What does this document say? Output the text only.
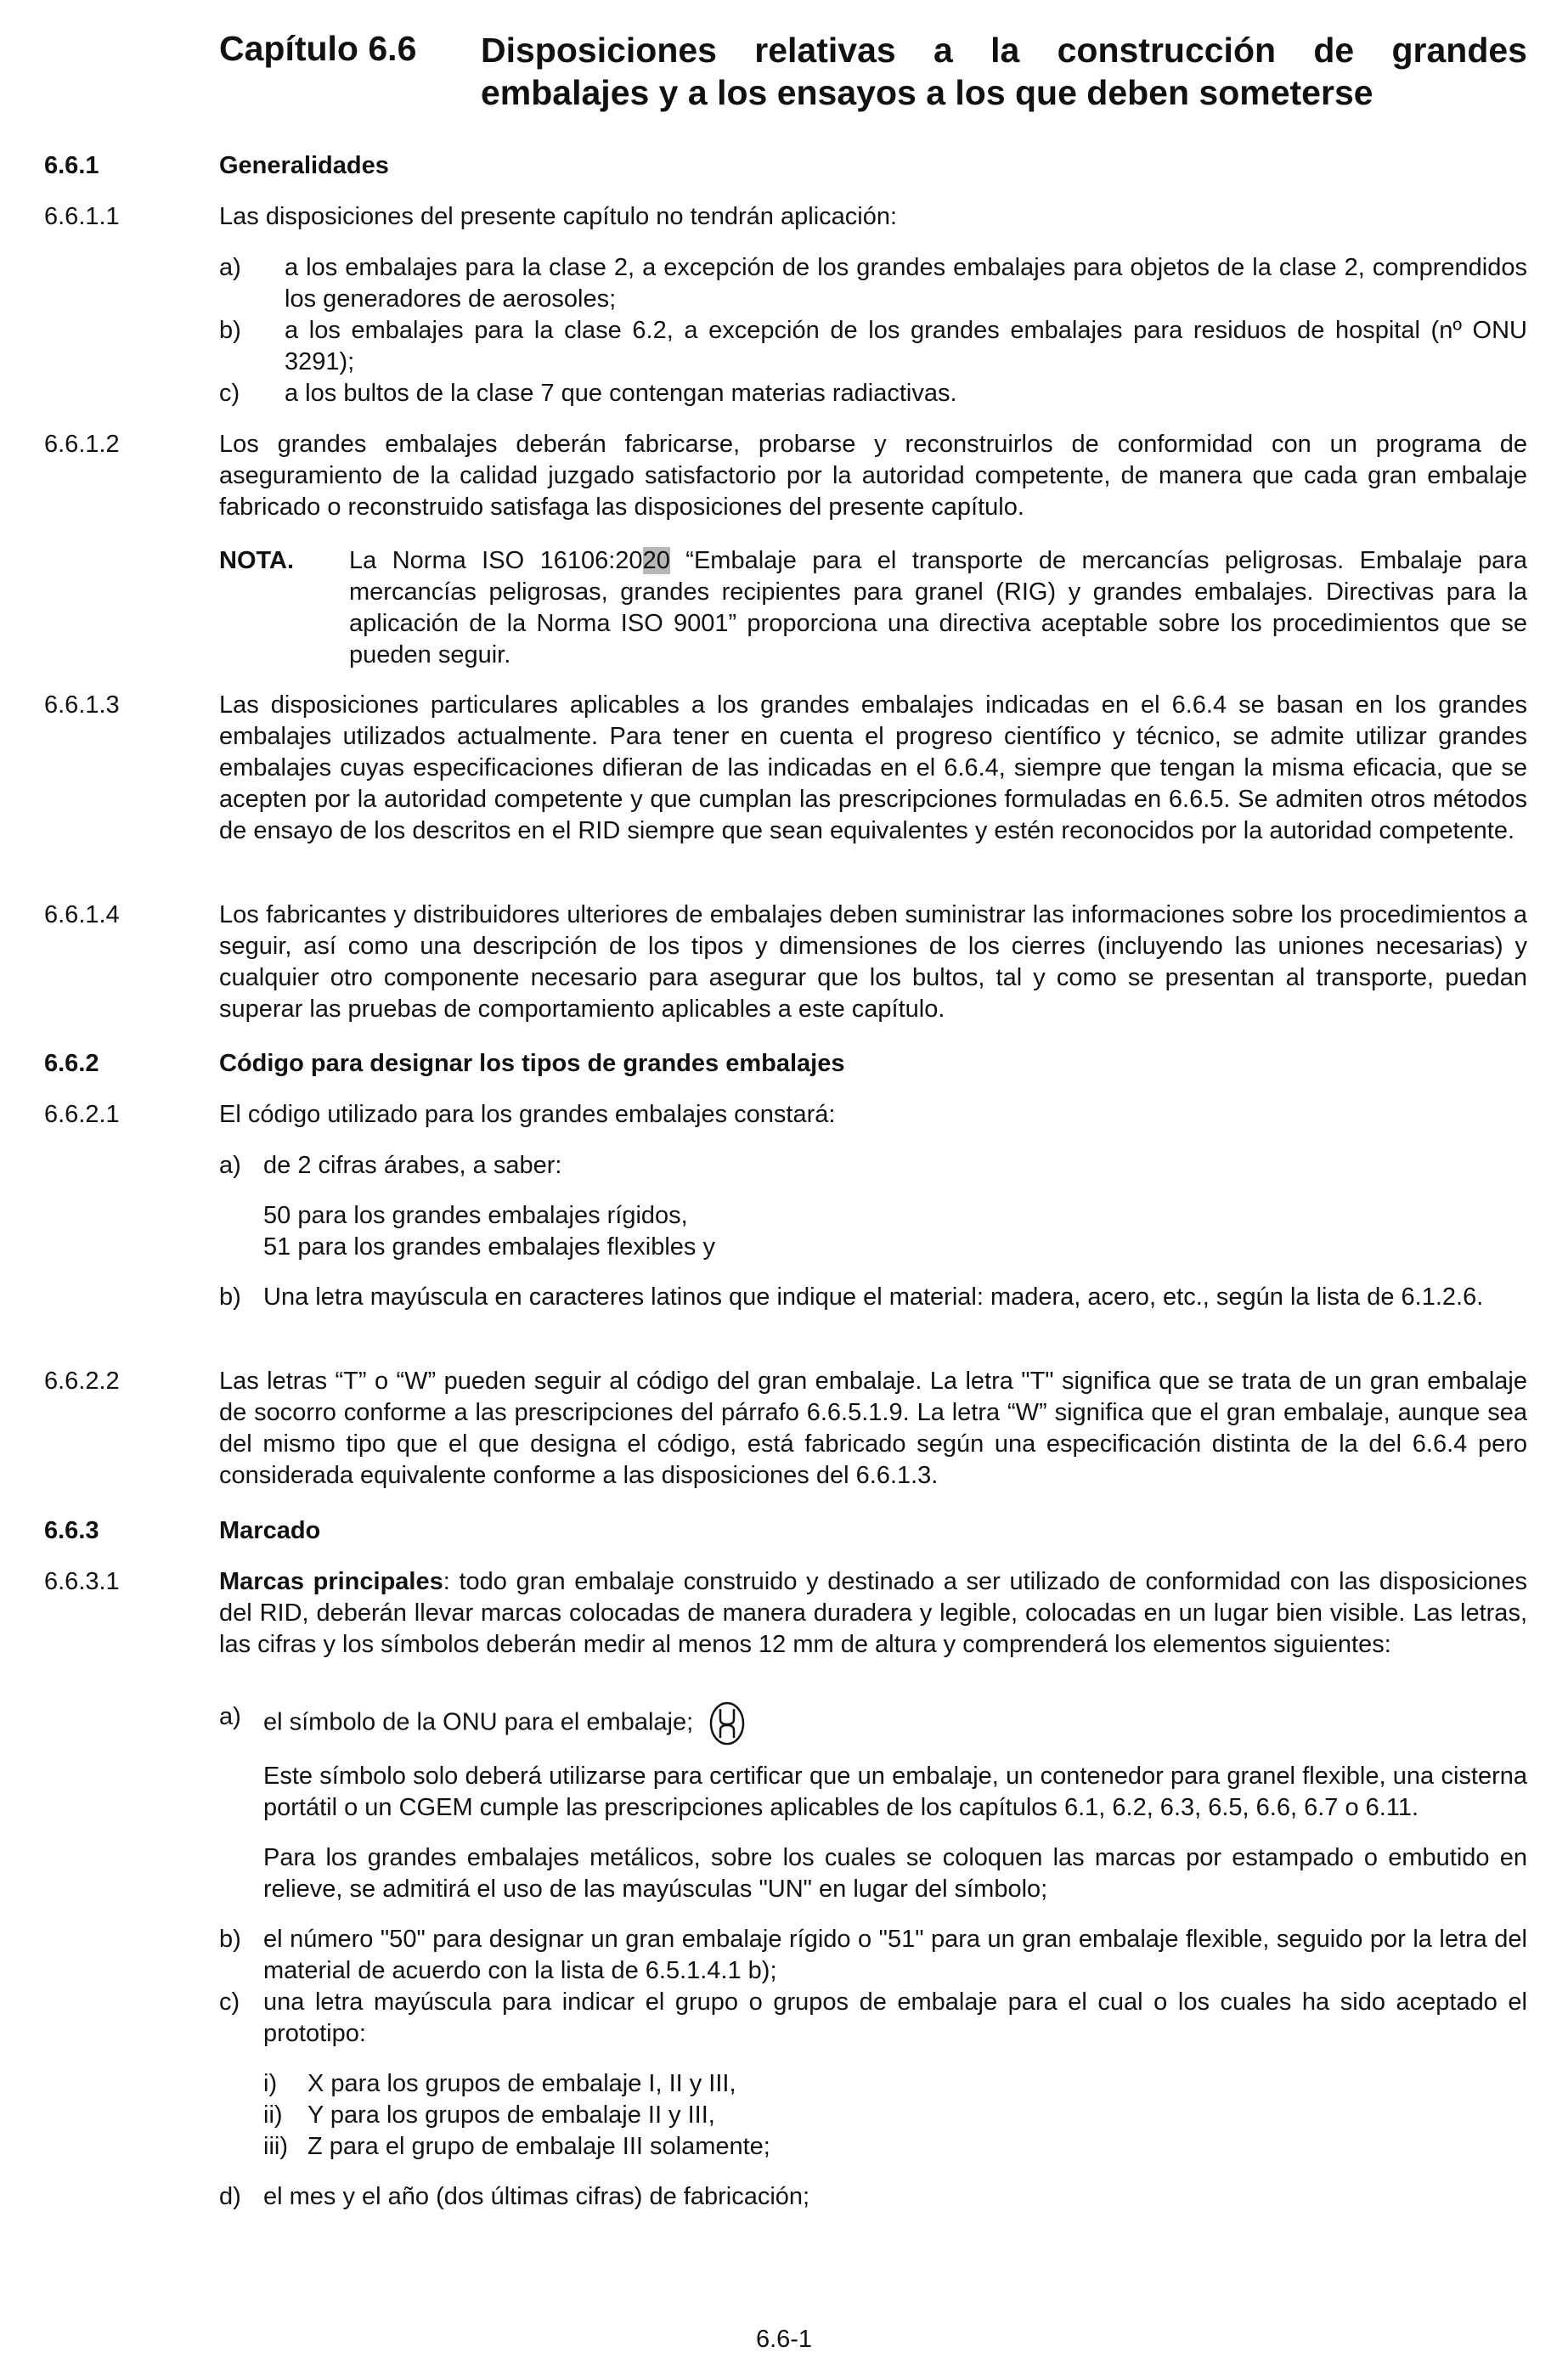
Capítulo 6.6 Disposiciones relativas a la construcción de grandes
embalajes y a los ensayos a los que deben someterse
6.6.1	Generalidades
6.6.1.1	Las disposiciones del presente capítulo no tendrán aplicación:
a) a los embalajes para la clase 2, a excepción de los grandes embalajes para objetos de la clase 2, comprendidos los generadores de aerosoles;
b) a los embalajes para la clase 6.2, a excepción de los grandes embalajes para residuos de hospital (nº ONU 3291);
c) a los bultos de la clase 7 que contengan materias radiactivas.
6.6.1.2	Los grandes embalajes deberán fabricarse, probarse y reconstruirlos de conformidad con un programa de aseguramiento de la calidad juzgado satisfactorio por la autoridad competente, de manera que cada gran embalaje fabricado o reconstruido satisfaga las disposiciones del presente capítulo.
NOTA. La Norma ISO 16106:2020 “Embalaje para el transporte de mercancías peligrosas. Embalaje para mercancías peligrosas, grandes recipientes para granel (RIG) y grandes embalajes. Directivas para la aplicación de la Norma ISO 9001” proporciona una directiva aceptable sobre los procedimientos que se pueden seguir.
6.6.1.3	Las disposiciones particulares aplicables a los grandes embalajes indicadas en el 6.6.4 se basan en los grandes embalajes utilizados actualmente. Para tener en cuenta el progreso científico y técnico, se admite utilizar grandes embalajes cuyas especificaciones difieran de las indicadas en el 6.6.4, siempre que tengan la misma eficacia, que se acepten por la autoridad competente y que cumplan las prescripciones formuladas en 6.6.5. Se admiten otros métodos de ensayo de los descritos en el RID siempre que sean equivalentes y estén reconocidos por la autoridad competente.
6.6.1.4	Los fabricantes y distribuidores ulteriores de embalajes deben suministrar las informaciones sobre los procedimientos a seguir, así como una descripción de los tipos y dimensiones de los cierres (incluyendo las uniones necesarias) y cualquier otro componente necesario para asegurar que los bultos, tal y como se presentan al transporte, puedan superar las pruebas de comportamiento aplicables a este capítulo.
6.6.2	Código para designar los tipos de grandes embalajes
6.6.2.1	El código utilizado para los grandes embalajes constará:
a) de 2 cifras árabes, a saber:
50 para los grandes embalajes rígidos,
51 para los grandes embalajes flexibles y
b) Una letra mayúscula en caracteres latinos que indique el material: madera, acero, etc., según la lista de 6.1.2.6.
6.6.2.2	Las letras “T” o “W” pueden seguir al código del gran embalaje. La letra "T" significa que se trata de un gran embalaje de socorro conforme a las prescripciones del párrafo 6.6.5.1.9. La letra “W” significa que el gran embalaje, aunque sea del mismo tipo que el que designa el código, está fabricado según una especificación distinta de la del 6.6.4 pero considerada equivalente conforme a las disposiciones del 6.6.1.3.
6.6.3	Marcado
6.6.3.1	Marcas principales: todo gran embalaje construido y destinado a ser utilizado de conformidad con las disposiciones del RID, deberán llevar marcas colocadas de manera duradera y legible, colocadas en un lugar bien visible. Las letras, las cifras y los símbolos deberán medir al menos 12 mm de altura y comprenderá los elementos siguientes:
a) el símbolo de la ONU para el embalaje;
Este símbolo solo deberá utilizarse para certificar que un embalaje, un contenedor para granel flexible, una cisterna portátil o un CGEM cumple las prescripciones aplicables de los capítulos 6.1, 6.2, 6.3, 6.5, 6.6, 6.7 o 6.11.
Para los grandes embalajes metálicos, sobre los cuales se coloquen las marcas por estampado o embutido en relieve, se admitirá el uso de las mayúsculas "UN" en lugar del símbolo;
b) el número "50" para designar un gran embalaje rígido o "51" para un gran embalaje flexible, seguido por la letra del material de acuerdo con la lista de 6.5.1.4.1 b);
c) una letra mayúscula para indicar el grupo o grupos de embalaje para el cual o los cuales ha sido aceptado el prototipo:
i) X para los grupos de embalaje I, II y III,
ii) Y para los grupos de embalaje II y III,
iii) Z para el grupo de embalaje III solamente;
d) el mes y el año (dos últimas cifras) de fabricación;
6.6-1
